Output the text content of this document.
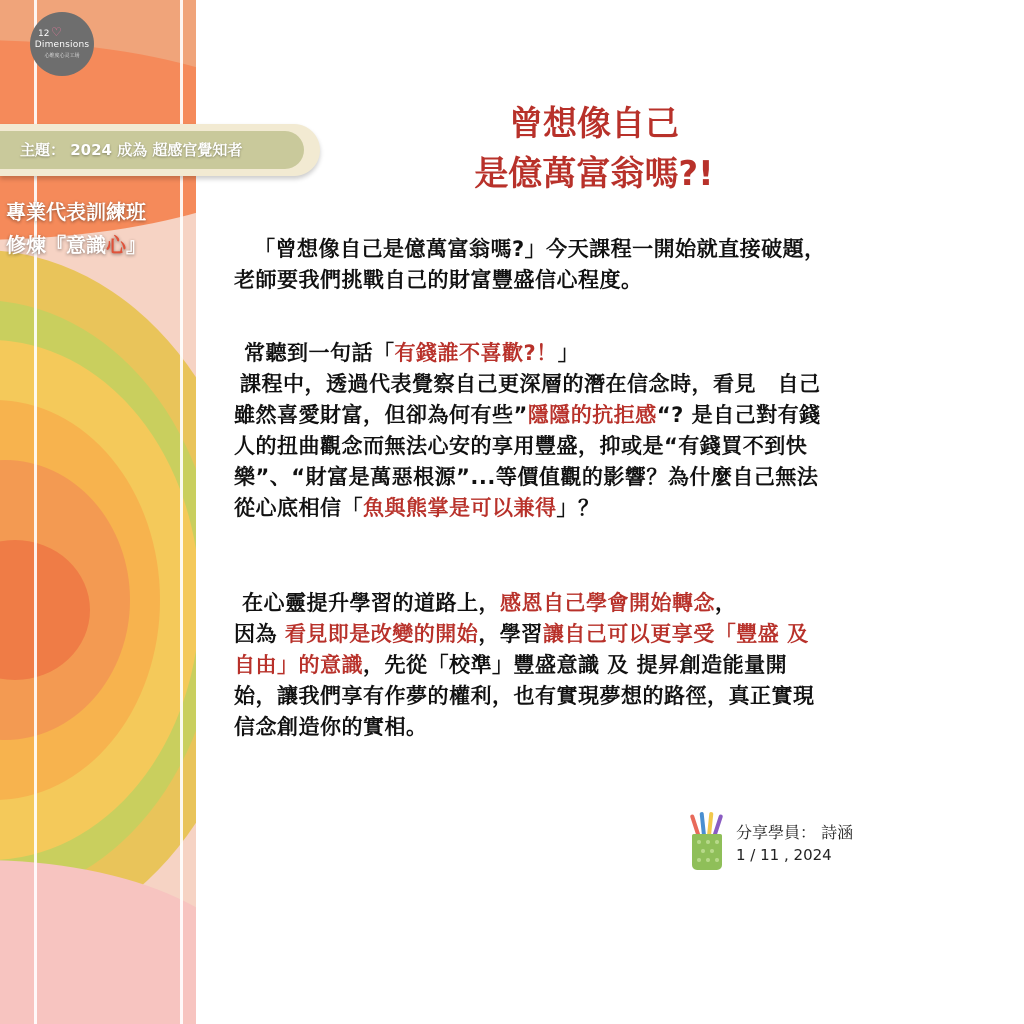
12 ♡
Dimensions
心维度心灵工场
主題： 2024 成為 超感官覺知者
專業代表訓練班
修煉『意識心』
曾想像自己
是億萬富翁嗎?!
「曾想像自己是億萬富翁嗎?」今天課程一開始就直接破題，
老師要我們挑戰自己的財富豐盛信心程度。
常聽到一句話「有錢誰不喜歡?！」
課程中，透過代表覺察自己更深層的潛在信念時，看見　自己
雖然喜愛財富，但卻為何有些”隱隱的抗拒感“? 是自己對有錢
人的扭曲觀念而無法心安的享用豐盛，抑或是“有錢買不到快
樂”、“財富是萬惡根源”...等價值觀的影響？為什麼自己無法
從心底相信「魚與熊掌是可以兼得」？
在心靈提升學習的道路上，感恩自己學會開始轉念，
因為 看見即是改變的開始，學習讓自己可以更享受「豐盛 及
自由」的意識，先從「校準」豐盛意識 及 提昇創造能量開
始，讓我們享有作夢的權利，也有實現夢想的路徑，真正實現
信念創造你的實相。
分享學員： 詩涵
1 / 11 , 2024
